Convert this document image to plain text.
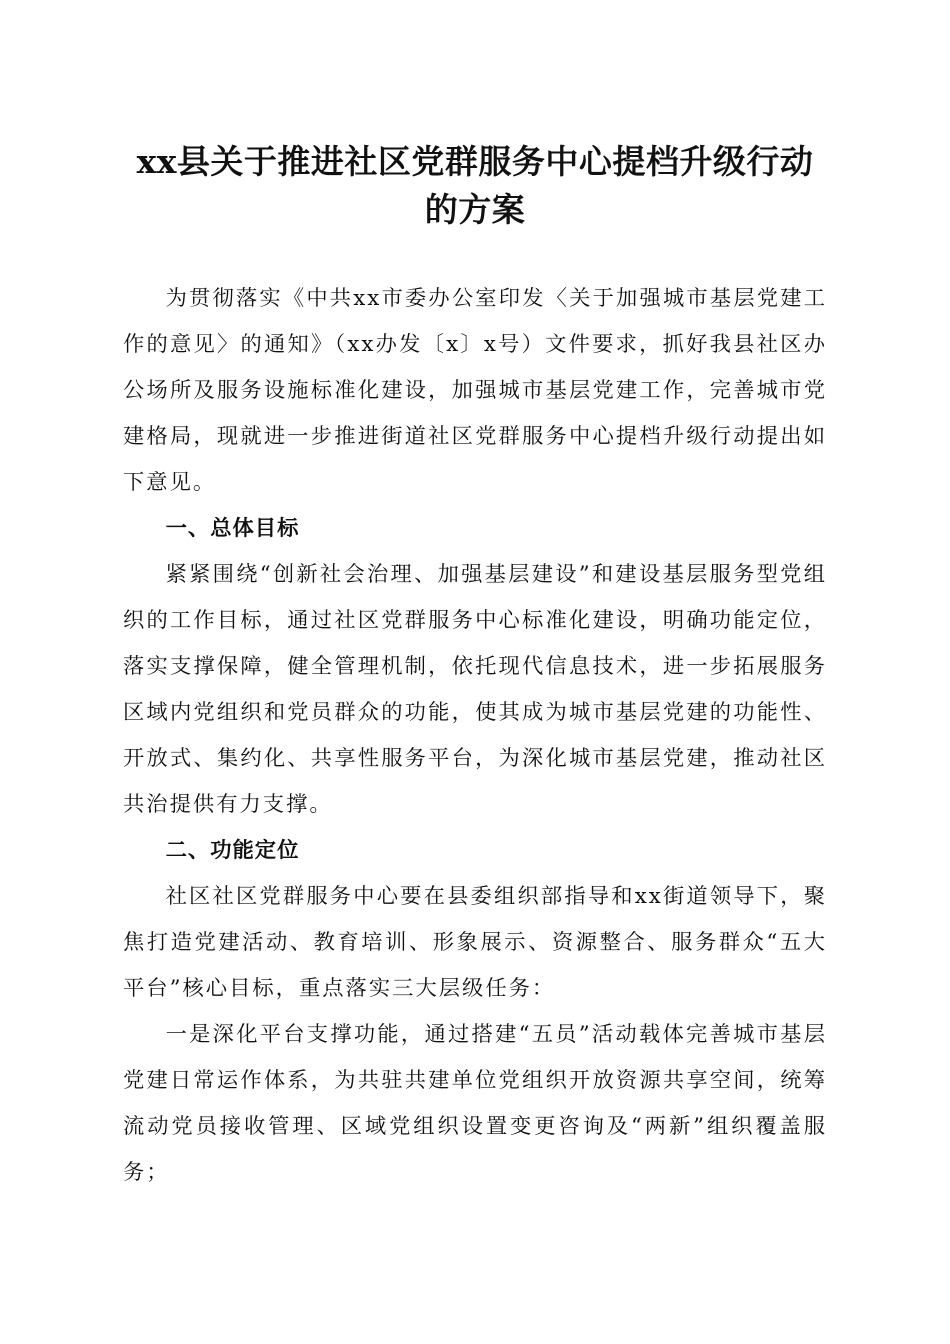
xx县关于推进社区党群服务中心提档升级行动的方案

为贯彻落实《中共xx市委办公室印发〈关于加强城市基层党建工作的意见〉的通知》（xx办发〔x〕x号）文件要求，抓好我县社区办公场所及服务设施标准化建设，加强城市基层党建工作，完善城市党建格局，现就进一步推进街道社区党群服务中心提档升级行动提出如下意见。

一、总体目标

紧紧围绕“创新社会治理、加强基层建设”和建设基层服务型党组织的工作目标，通过社区党群服务中心标准化建设，明确功能定位，落实支撑保障，健全管理机制，依托现代信息技术，进一步拓展服务区域内党组织和党员群众的功能，使其成为城市基层党建的功能性、开放式、集约化、共享性服务平台，为深化城市基层党建，推动社区共治提供有力支撑。

二、功能定位

社区社区党群服务中心要在县委组织部指导和xx街道领导下，聚焦打造党建活动、教育培训、形象展示、资源整合、服务群众“五大平台”核心目标，重点落实三大层级任务：

一是深化平台支撑功能，通过搭建“五员”活动载体完善城市基层党建日常运作体系，为共驻共建单位党组织开放资源共享空间，统筹流动党员接收管理、区域党组织设置变更咨询及“两新”组织覆盖服务；
